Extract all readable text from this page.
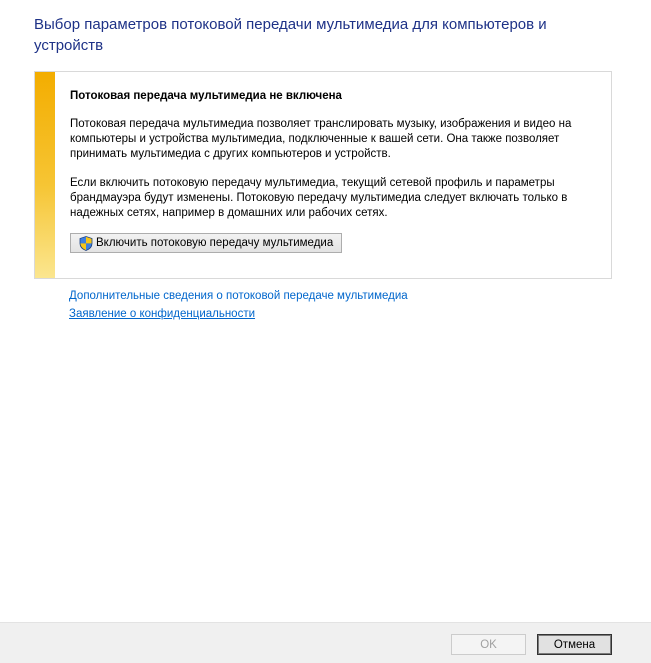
Выбор параметров потоковой передачи мультимедиа для компьютеров и устройств
Потоковая передача мультимедиа не включена

Потоковая передача мультимедиа позволяет транслировать музыку, изображения и видео на компьютеры и устройства мультимедиа, подключенные к вашей сети. Она также позволяет принимать мультимедиа с других компьютеров и устройств.

Если включить потоковую передачу мультимедиа, текущий сетевой профиль и параметры брандмауэра будут изменены. Потоковую передачу мультимедиа следует включать только в надежных сетях, например в домашних или рабочих сетях.

Включить потоковую передачу мультимедиа
Дополнительные сведения о потоковой передаче мультимедиа
Заявление о конфиденциальности
OK	Отмена
